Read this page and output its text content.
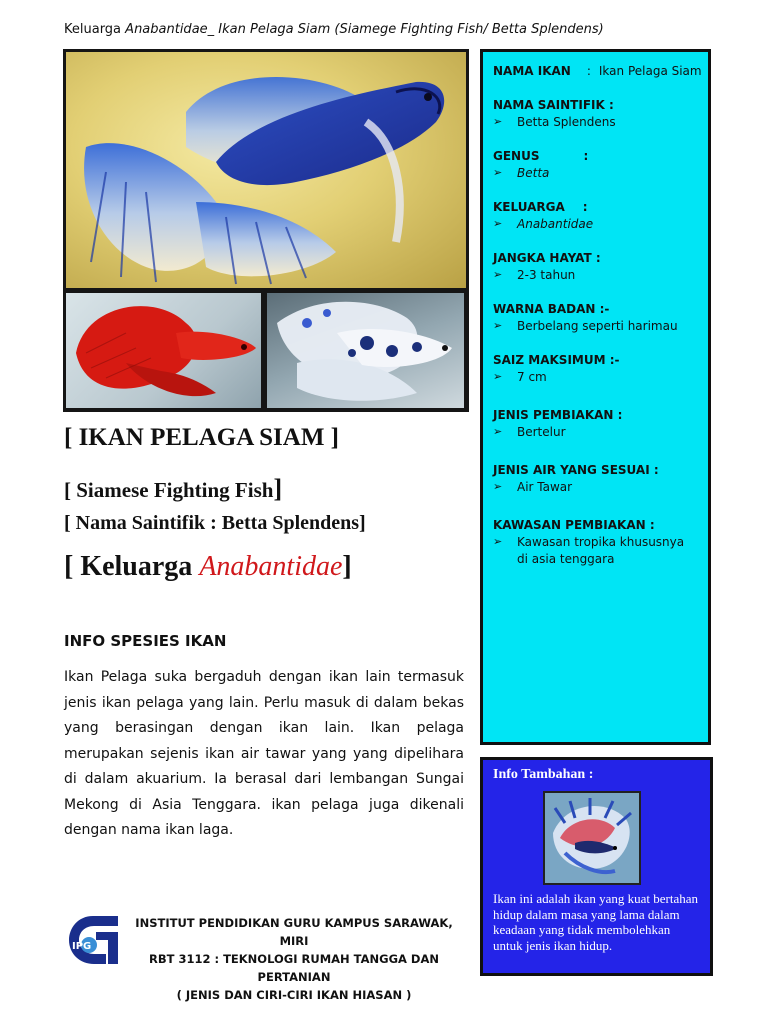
Keluarga Anabantidae_ Ikan Pelaga Siam (Siamege Fighting Fish/ Betta Splendens)
[ IKAN PELAGA SIAM ]
[ Siamese Fighting Fish]
[ Nama Saintifik : Betta Splendens]
[ Keluarga Anabantidae]
INFO SPESIES IKAN
Ikan Pelaga suka bergaduh dengan ikan lain termasuk jenis ikan pelaga yang lain. Perlu masuk di dalam bekas yang berasingan dengan ikan lain. Ikan pelaga merupakan sejenis ikan air tawar yang yang dipelihara di dalam akuarium. Ia berasal dari lembangan Sungai Mekong di Asia Tenggara. ikan pelaga juga dikenali dengan nama ikan laga.
IPG
INSTITUT PENDIDIKAN GURU KAMPUS SARAWAK, MIRI
RBT 3112 : TEKNOLOGI RUMAH TANGGA DAN PERTANIAN
( JENIS DAN CIRI-CIRI IKAN HIASAN )
NAMA IKAN : Ikan Pelaga Siam
NAMA SAINTIFIK :
➢ Betta Splendens
GENUS	:
➢ Betta
KELUARGA :
➢ Anabantidae
JANGKA HAYAT :
➢ 2-3 tahun
WARNA BADAN :-
➢ Berbelang seperti harimau
SAIZ MAKSIMUM :-
➢ 7 cm
JENIS PEMBIAKAN :
➢ Bertelur
JENIS AIR YANG SESUAI :
➢ Air Tawar
KAWASAN PEMBIAKAN :
➢ Kawasan tropika khususnya
di asia tenggara
Info Tambahan :
Ikan ini adalah ikan yang kuat bertahan hidup dalam masa yang lama dalam keadaan yang tidak membolehkan untuk jenis ikan hidup.
